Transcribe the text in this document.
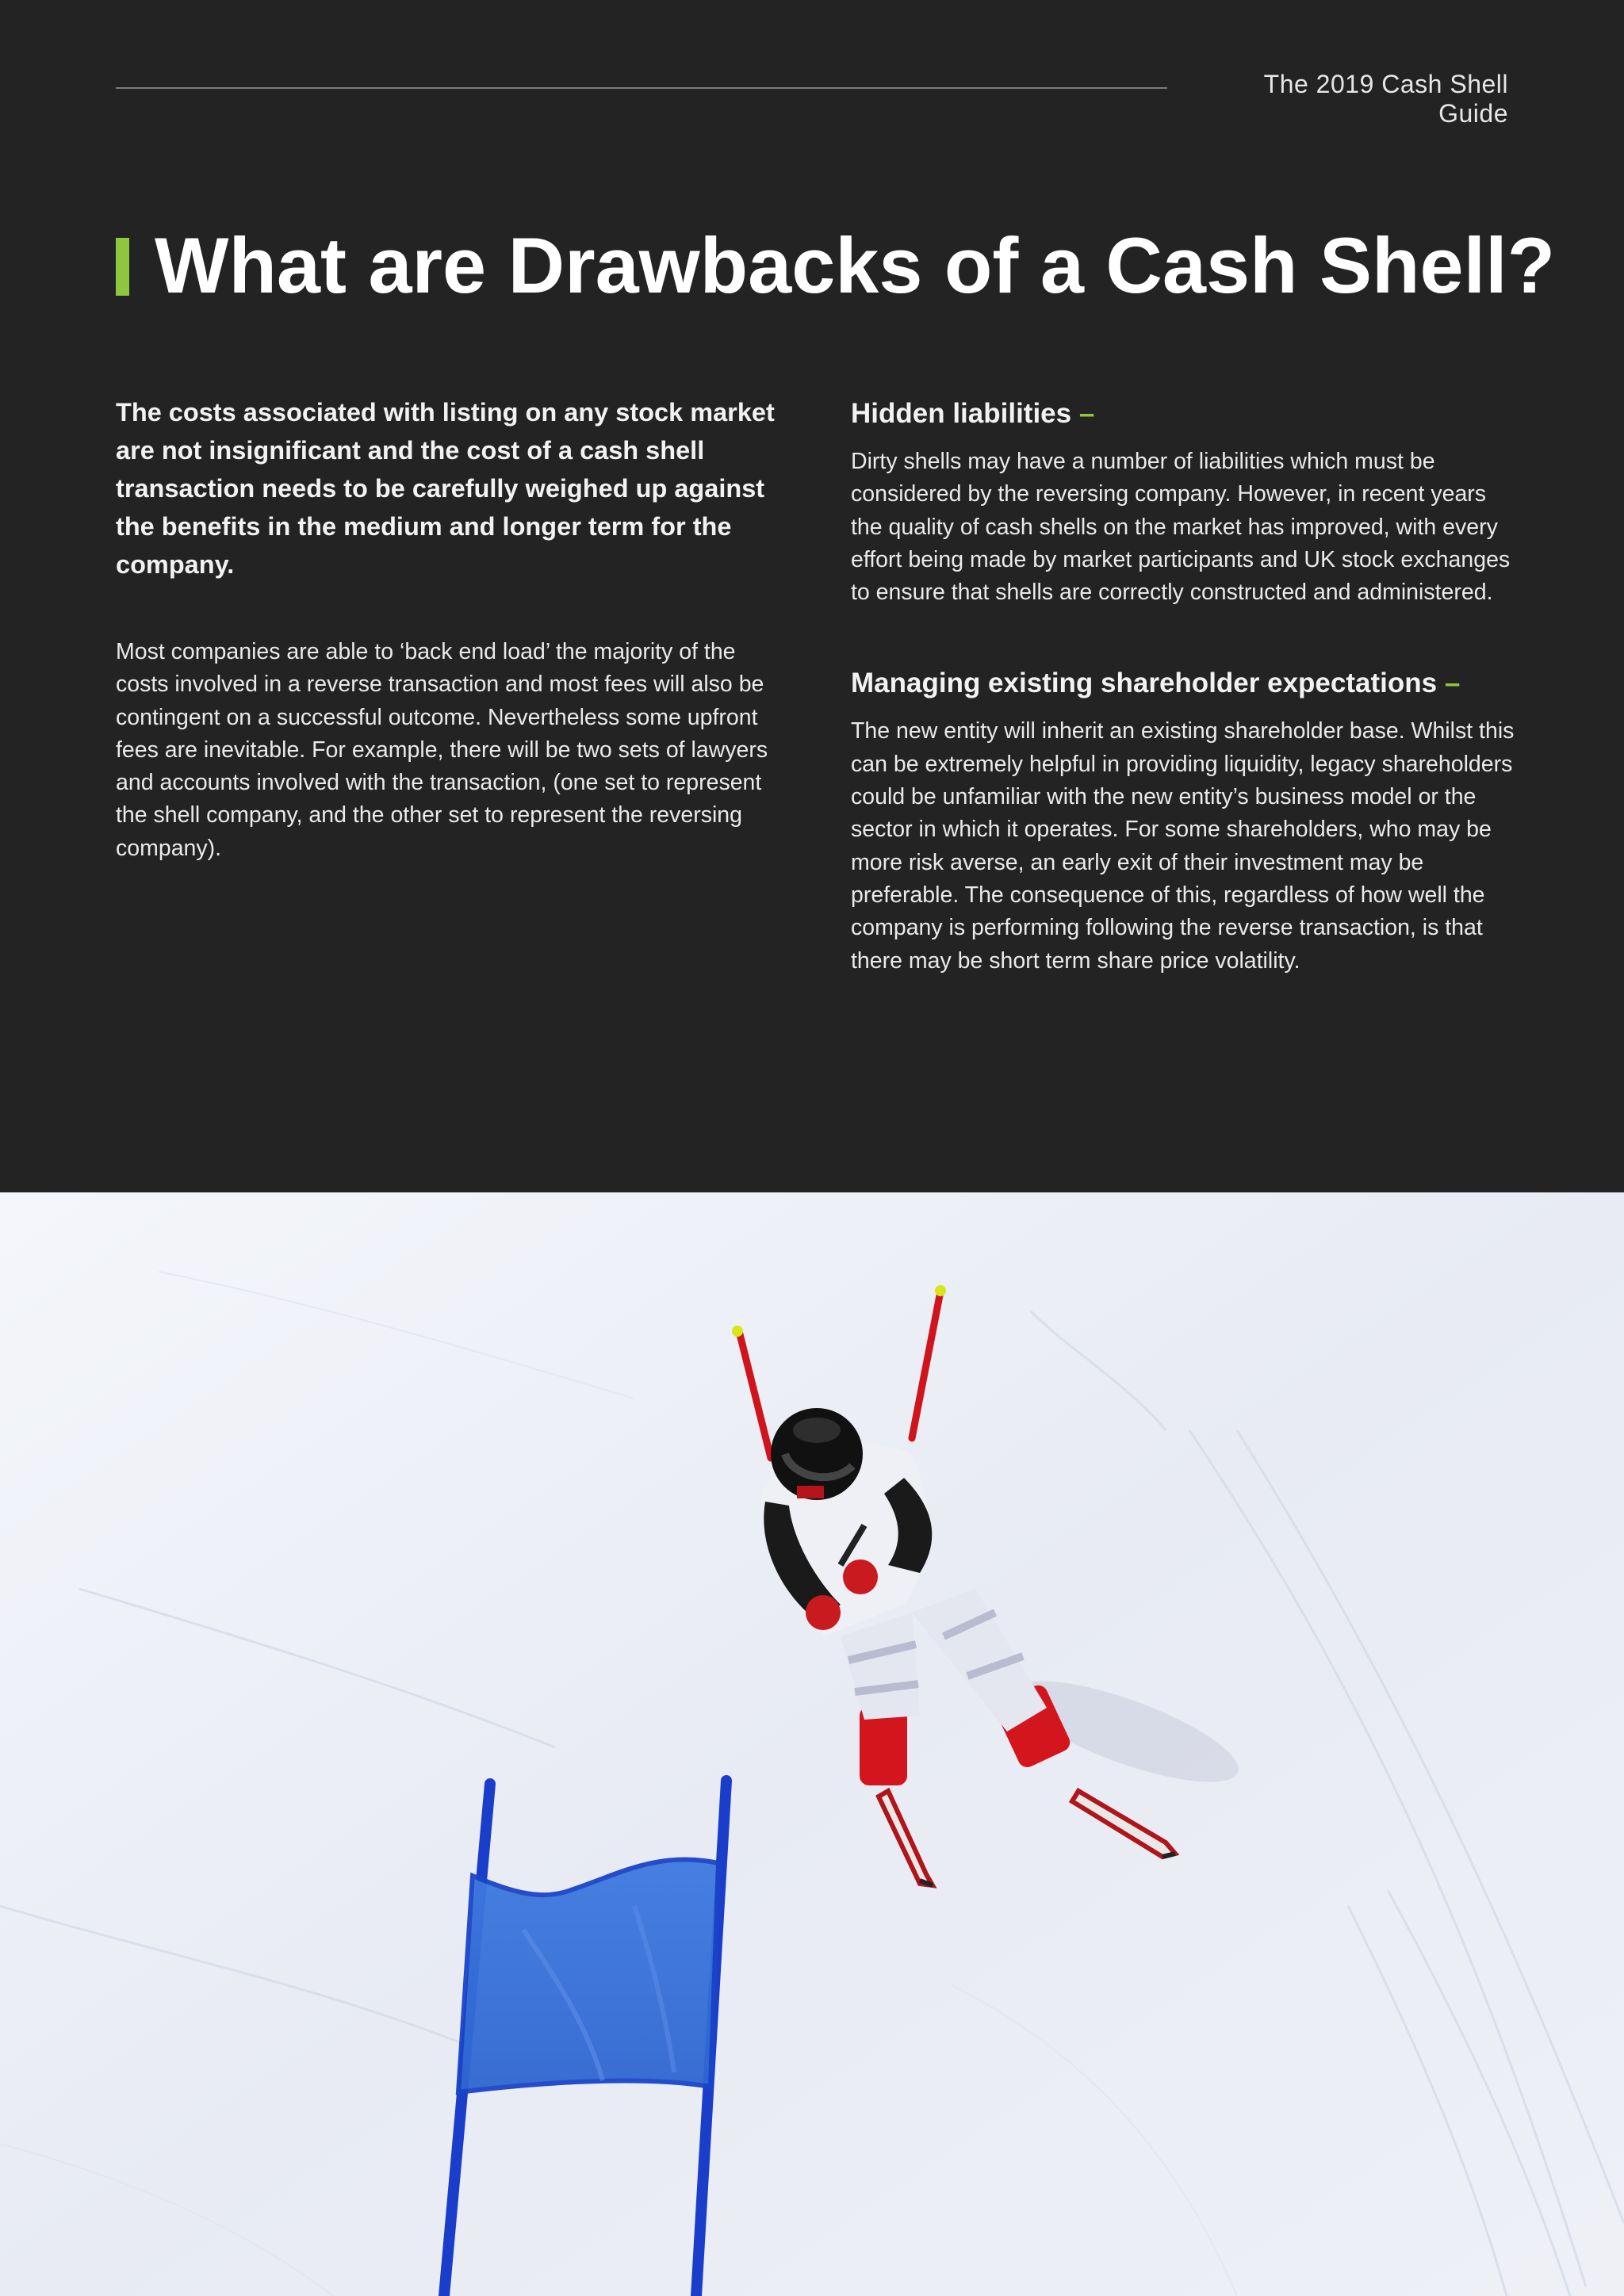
The 2019 Cash Shell Guide
What are Drawbacks of a Cash Shell?

The costs associated with listing on any stock market are not insignificant and the cost of a cash shell transaction needs to be carefully weighed up against the benefits in the medium and longer term for the company.

Most companies are able to ‘back end load’ the majority of the costs involved in a reverse transaction and most fees will also be contingent on a successful outcome. Nevertheless some upfront fees are inevitable. For example, there will be two sets of lawyers and accounts involved with the transaction, (one set to represent the shell company, and the other set to represent the reversing company).

Hidden liabilities –

Dirty shells may have a number of liabilities which must be considered by the reversing company. However, in recent years the quality of cash shells on the market has improved, with every effort being made by market participants and UK stock exchanges to ensure that shells are correctly constructed and administered.

Managing existing shareholder expectations –

The new entity will inherit an existing shareholder base. Whilst this can be extremely helpful in providing liquidity, legacy shareholders could be unfamiliar with the new entity’s business model or the sector in which it operates. For some shareholders, who may be more risk averse, an early exit of their investment may be preferable. The consequence of this, regardless of how well the company is performing following the reverse transaction, is that there may be short term share price volatility.
